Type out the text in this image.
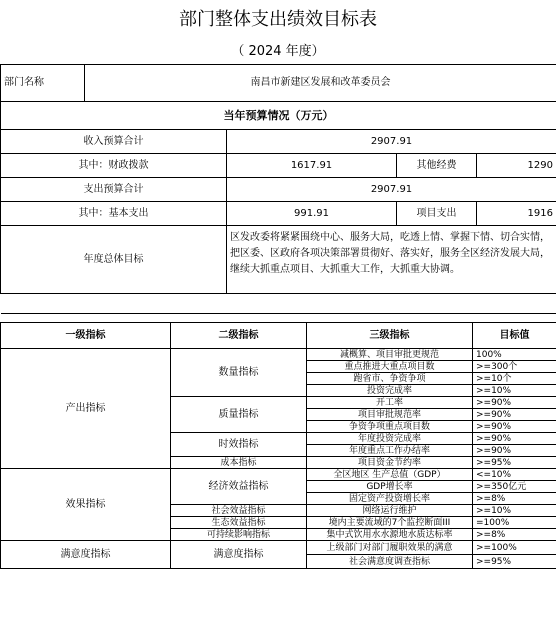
部门整体支出绩效目标表
（ 2024 年度）
部门名称	南昌市新建区发展和改革委员会			
当年预算情况（万元）				
收入预算合计		2907.91		
其中：财政拨款		1617.91	其他经费	1290
支出预算合计		2907.91		
其中：基本支出		991.91	项目支出	1916
年度总体目标		区发改委将紧紧围绕中心、服务大局，吃透上情、掌握下情、切合实情，把区委、区政府各项决策部署贯彻好、落实好，服务全区经济发展大局，继续大抓重点项目、大抓重大工作，大抓重大协调。		

一级指标	二级指标	三级指标	目标值
产出指标	数量指标	减概算、项目审批更规范	100%
		重点推进大重点项目数	>=300个
		跑省市、争资争项	>=10个
		投资完成率	>=10%
	质量指标	开工率	>=90%
		项目审批规范率	>=90%
		争资争项重点项目数	>=90%
	时效指标	年度投资完成率	>=90%
		年度重点工作办结率	>=90%
	成本指标	项目资金节约率	>=95%
效果指标	经济效益指标	全区地区 生产总值（GDP）	<=10%
		GDP增长率	>=350亿元
		固定资产投资增长率	>=8%
	社会效益指标	网络运行维护	>=10%
	生态效益指标	境内主要流域的7个监控断面III	=100%
	可持续影响指标	集中式饮用水水源地水质达标率	>=8%
满意度指标	满意度指标	上级部门对部门履职效果的满意	>=100%
		社会满意度调查指标	>=95%
